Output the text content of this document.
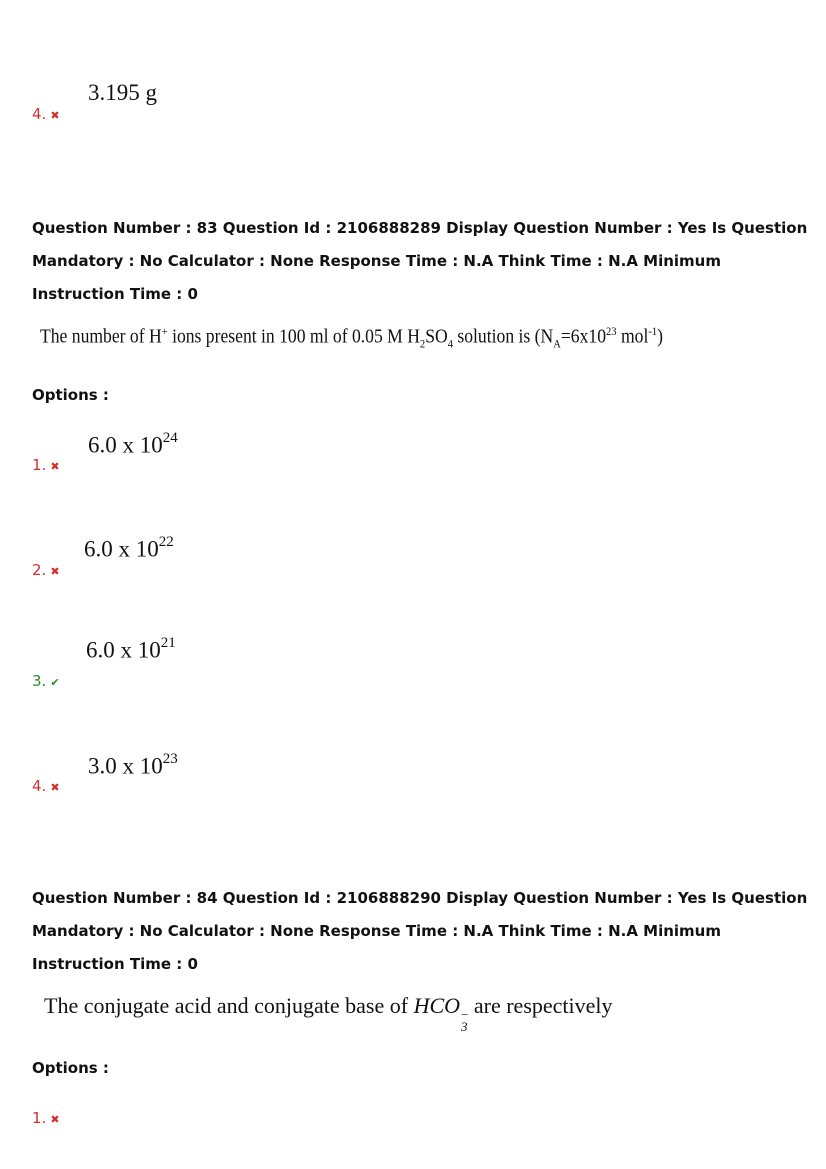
4. ✖
3.195 g
Question Number : 83 Question Id : 2106888289 Display Question Number : Yes Is Question Mandatory : No Calculator : None Response Time : N.A Think Time : N.A Minimum Instruction Time : 0
The number of H+ ions present in 100 ml of 0.05 M $H_2SO_4$ solution is ($N_A=6x10^{23}$ mol$^{-1}$)
Options :
1. ✖
6.0 x $10^{24}$
2. ✖
6.0 x $10^{22}$
3. ✔
6.0 x $10^{21}$
4. ✖
3.0 x $10^{23}$
Question Number : 84 Question Id : 2106888290 Display Question Number : Yes Is Question Mandatory : No Calculator : None Response Time : N.A Think Time : N.A Minimum Instruction Time : 0
The conjugate acid and conjugate base of HCO −
3
are respectively
Options :
1. ✖
